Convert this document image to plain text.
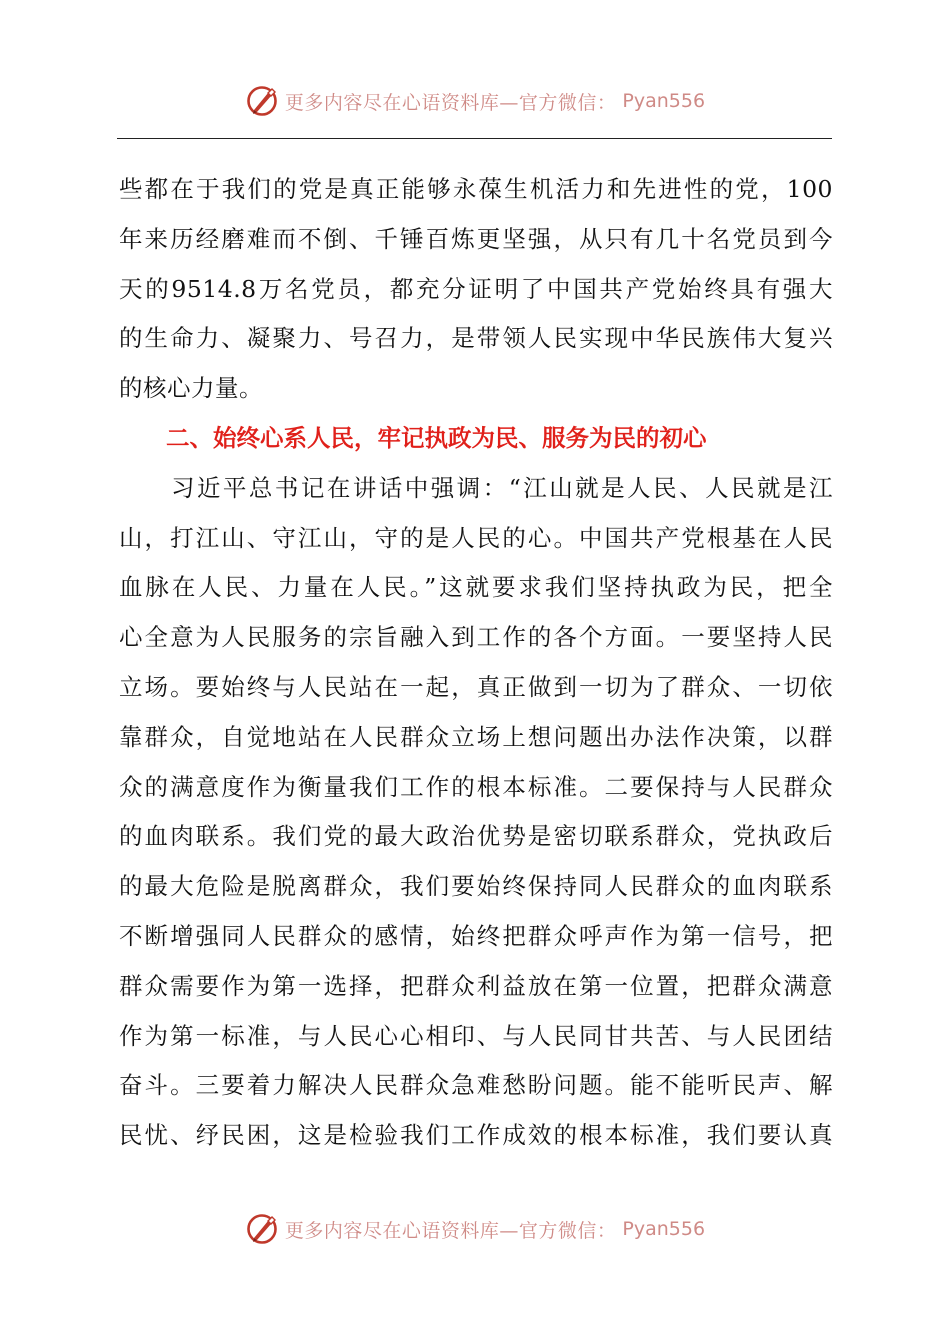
更多内容尽在心语资料库—官方微信： Pyan556
些都在于我们的党是真正能够永葆生机活力和先进性的党，100
年来历经磨难而不倒、千锤百炼更坚强，从只有几十名党员到今
天的9514.8万名党员，都充分证明了中国共产党始终具有强大
的生命力、凝聚力、号召力，是带领人民实现中华民族伟大复兴
的核心力量。
二、始终心系人民，牢记执政为民、服务为民的初心
　　习近平总书记在讲话中强调：“江山就是人民、人民就是江
山，打江山、守江山，守的是人民的心。中国共产党根基在人民
血脉在人民、力量在人民。”这就要求我们坚持执政为民，把全
心全意为人民服务的宗旨融入到工作的各个方面。一要坚持人民
立场。要始终与人民站在一起，真正做到一切为了群众、一切依
靠群众，自觉地站在人民群众立场上想问题出办法作决策，以群
众的满意度作为衡量我们工作的根本标准。二要保持与人民群众
的血肉联系。我们党的最大政治优势是密切联系群众，党执政后
的最大危险是脱离群众，我们要始终保持同人民群众的血肉联系
不断增强同人民群众的感情，始终把群众呼声作为第一信号，把
群众需要作为第一选择，把群众利益放在第一位置，把群众满意
作为第一标准，与人民心心相印、与人民同甘共苦、与人民团结
奋斗。三要着力解决人民群众急难愁盼问题。能不能听民声、解
民忧、纾民困，这是检验我们工作成效的根本标准，我们要认真
更多内容尽在心语资料库—官方微信： Pyan556
